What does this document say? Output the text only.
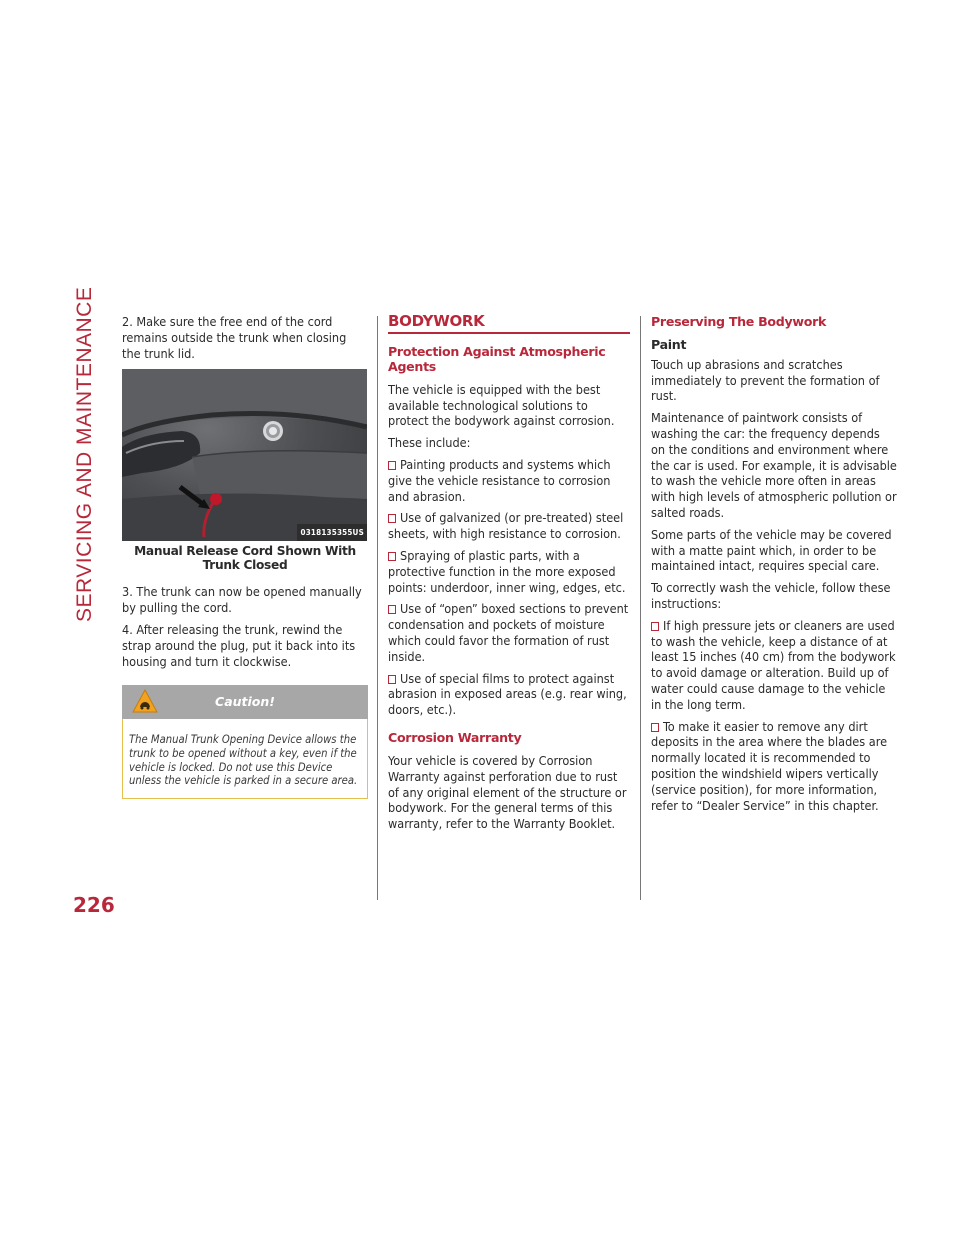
SERVICING AND MAINTENANCE
226

2. Make sure the free end of the cord remains outside the trunk when closing the trunk lid.

0318135355US
Manual Release Cord Shown With Trunk Closed

3. The trunk can now be opened manually by pulling the cord.

4. After releasing the trunk, rewind the strap around the plug, put it back into its housing and turn it clockwise.

Caution!
The Manual Trunk Opening Device allows the trunk to be opened without a key, even if the vehicle is locked. Do not use this Device unless the vehicle is parked in a secure area.
BODYWORK
Protection Against Atmospheric Agents

The vehicle is equipped with the best available technological solutions to protect the bodywork against corrosion.

These include:

Painting products and systems which give the vehicle resistance to corrosion and abrasion.
Use of galvanized (or pre-treated) steel sheets, with high resistance to corrosion.
Spraying of plastic parts, with a protective function in the more exposed points: underdoor, inner wing, edges, etc.
Use of “open” boxed sections to prevent condensation and pockets of moisture which could favor the formation of rust inside.
Use of special films to protect against abrasion in exposed areas (e.g. rear wing, doors, etc.).
Corrosion Warranty

Your vehicle is covered by Corrosion Warranty against perforation due to rust of any original element of the structure or bodywork. For the general terms of this warranty, refer to the Warranty Booklet.

Preserving The Bodywork
Paint

Touch up abrasions and scratches immediately to prevent the formation of rust.

Maintenance of paintwork consists of washing the car: the frequency depends on the conditions and environment where the car is used. For example, it is advisable to wash the vehicle more often in areas with high levels of atmospheric pollution or salted roads.

Some parts of the vehicle may be covered with a matte paint which, in order to be maintained intact, requires special care.

To correctly wash the vehicle, follow these instructions:

If high pressure jets or cleaners are used to wash the vehicle, keep a distance of at least 15 inches (40 cm) from the bodywork to avoid damage or alteration. Build up of water could cause damage to the vehicle in the long term.
To make it easier to remove any dirt deposits in the area where the blades are normally located it is recommended to position the windshield wipers vertically (service position), for more information, refer to “Dealer Service” in this chapter.
